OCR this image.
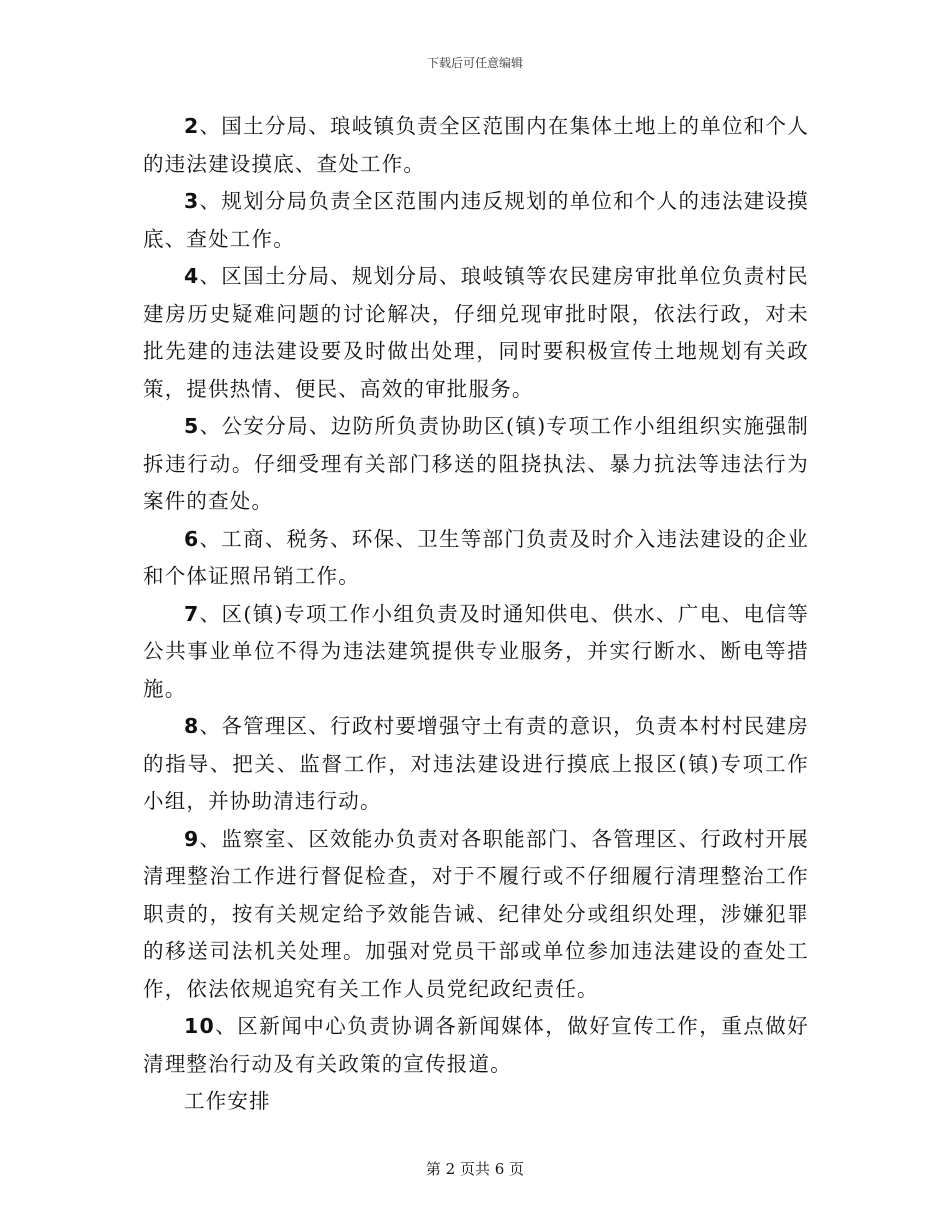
下载后可任意编辑

2、国土分局、琅岐镇负责全区范围内在集体土地上的单位和个人的违法建设摸底、查处工作。

3、规划分局负责全区范围内违反规划的单位和个人的违法建设摸底、查处工作。

4、区国土分局、规划分局、琅岐镇等农民建房审批单位负责村民建房历史疑难问题的讨论解决，仔细兑现审批时限，依法行政，对未批先建的违法建设要及时做出处理，同时要积极宣传土地规划有关政策，提供热情、便民、高效的审批服务。

5、公安分局、边防所负责协助区(镇)专项工作小组组织实施强制拆违行动。仔细受理有关部门移送的阻挠执法、暴力抗法等违法行为案件的查处。

6、工商、税务、环保、卫生等部门负责及时介入违法建设的企业和个体证照吊销工作。

7、区(镇)专项工作小组负责及时通知供电、供水、广电、电信等公共事业单位不得为违法建筑提供专业服务，并实行断水、断电等措施。

8、各管理区、行政村要增强守土有责的意识，负责本村村民建房的指导、把关、监督工作，对违法建设进行摸底上报区(镇)专项工作小组，并协助清违行动。

9、监察室、区效能办负责对各职能部门、各管理区、行政村开展清理整治工作进行督促检查，对于不履行或不仔细履行清理整治工作职责的，按有关规定给予效能告诫、纪律处分或组织处理，涉嫌犯罪的移送司法机关处理。加强对党员干部或单位参加违法建设的查处工作，依法依规追究有关工作人员党纪政纪责任。

10、区新闻中心负责协调各新闻媒体，做好宣传工作，重点做好清理整治行动及有关政策的宣传报道。

工作安排

第 2 页共 6 页
